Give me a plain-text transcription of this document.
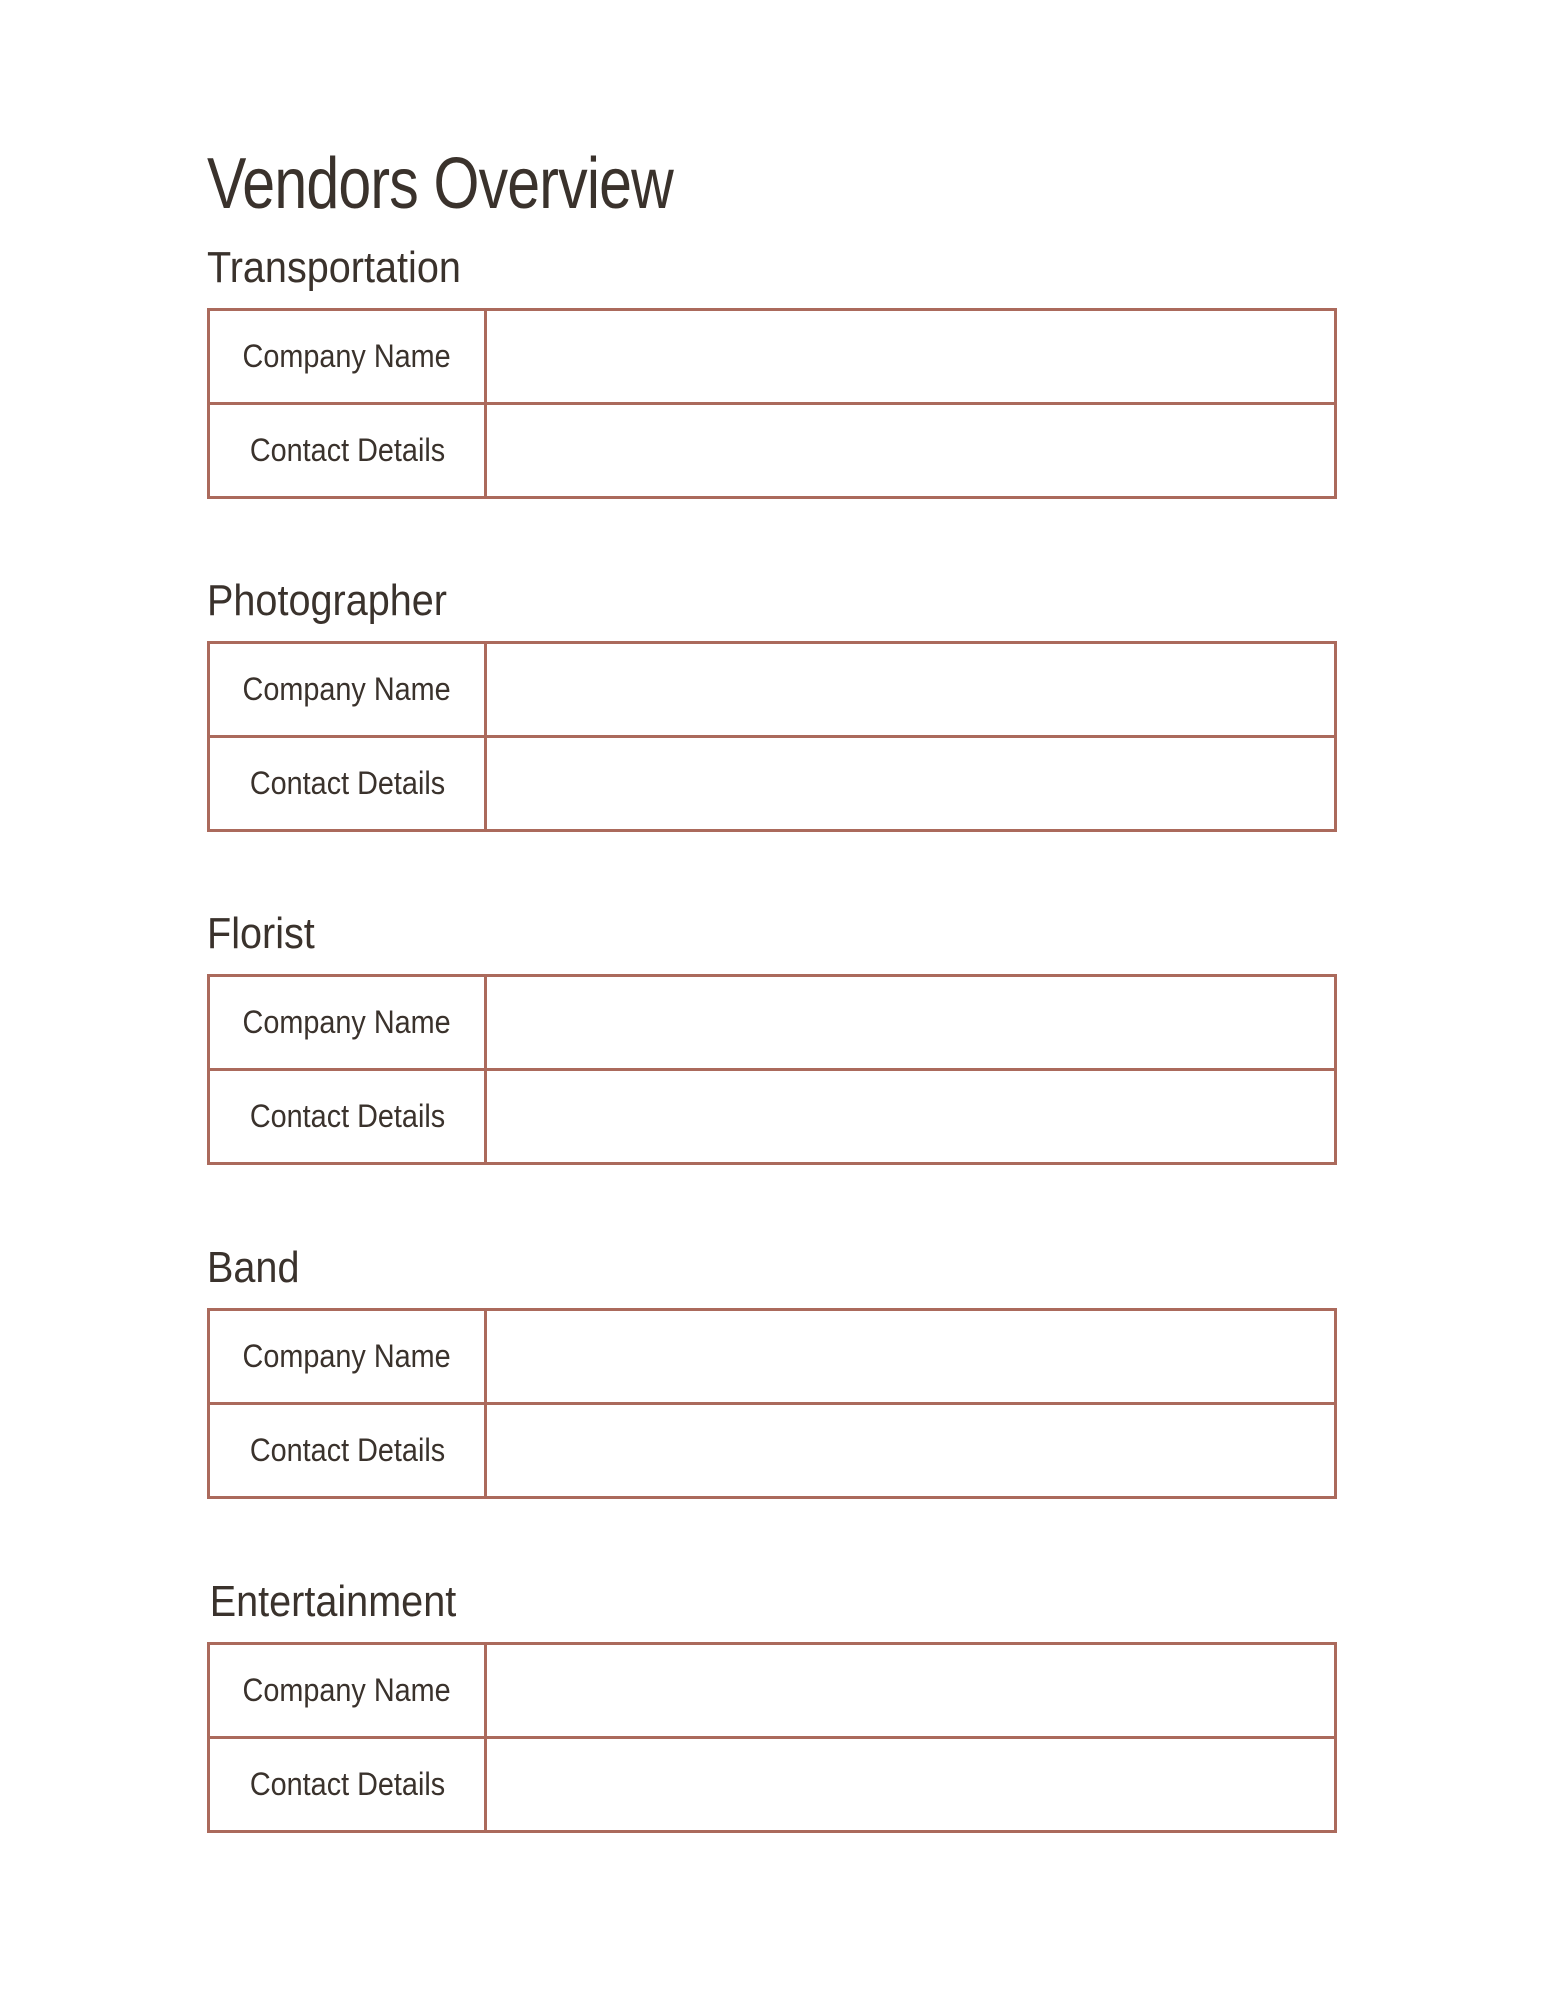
Vendors Overview
Transportation
Company Name	
Contact Details	
Photographer
Company Name	
Contact Details	
Florist
Company Name	
Contact Details	
Band
Company Name	
Contact Details	
Entertainment
Company Name	
Contact Details	
